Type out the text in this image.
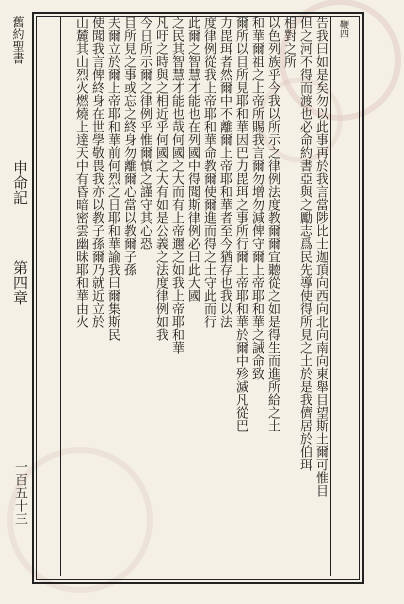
舊約聖書
申命記
第四章
一百五十三
鞭四
告我曰如是矣勿以此事再於我言當陟比士迦頂向西向北向南向東舉目望斯土爾可惟目
但之河不得而渡也必命約書亞與之勵志爲民先導使得所見之土於是我儕居於伯珥
相對之所
以色列族乎今我以所示之律例法度教爾爾宜聽從之如是得生而進所給之土
和華爾祖之上帝所賜我言爾勿增勿減俾守爾上帝耶和華之誡命致
爾所以目所見耶和華因巴力毘珥之事所行爾上帝耶和華於爾中殄滅凡從巴
力毘珥者然爾中不離爾上帝耶和華者至今猶存也我以法
度律例從我上帝耶和華命教爾使爾進而得之土守此而行
此爾之智慧才能也在列國中得聞斯律例必曰此大國
之民其智慧才能也哉何國之大而有上帝邇之如我上帝耶和華
凡吁之時與之相近乎何國之大有如是公義之法度律例如我
今日所示爾之律例乎惟爾慎之謹守其心恐
目所見之事或忘之終身勿離爾心當以教爾子孫
夫爾立於爾上帝耶和華前何烈之日耶和華諭我曰爾集斯民
使聞我言俾終身在世學敬畏我亦以教子孫爾乃就近立於
山麓其山烈火燃燒上達天中有昏暗密雲幽昧耶和華由火
